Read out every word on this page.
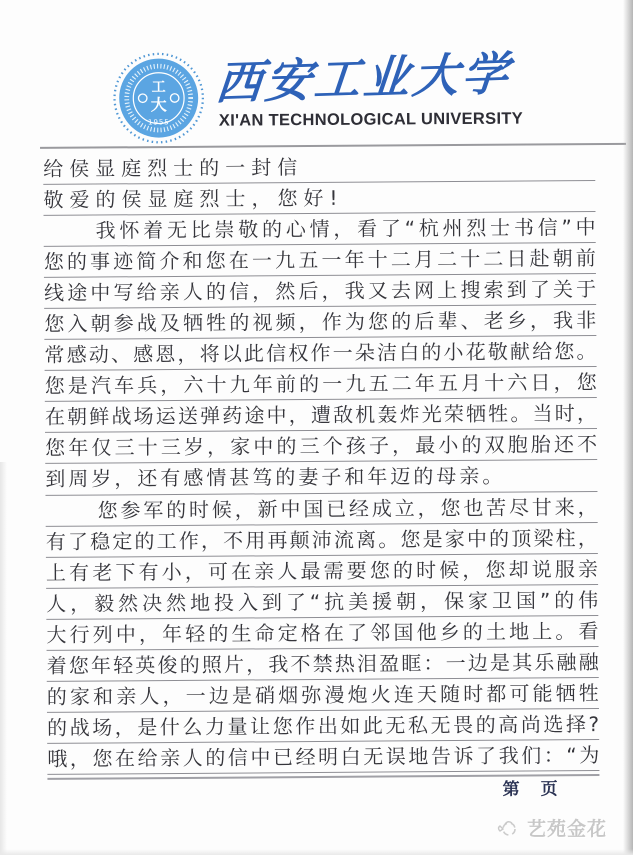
工
大
1955
西安工业大学
XI'AN TECHNOLOGICAL UNIVERSITY
给侯显庭烈士的一封信
敬爱的侯显庭烈士，您好!
我怀着无比崇敬的心情，看了“杭州烈士书信”中
您的事迹简介和您在一九五一年十二月二十二日赴朝前
线途中写给亲人的信，然后，我又去网上搜索到了关于
您入朝参战及牺牲的视频，作为您的后辈、老乡，我非
常感动、感恩，将以此信权作一朵洁白的小花敬献给您。
您是汽车兵，六十九年前的一九五二年五月十六日，您
在朝鲜战场运送弹药途中，遭敌机轰炸光荣牺牲。当时，
您年仅三十三岁，家中的三个孩子，最小的双胞胎还不
到周岁，还有感情甚笃的妻子和年迈的母亲。
您参军的时候，新中国已经成立，您也苦尽甘来，
有了稳定的工作，不用再颠沛流离。您是家中的顶梁柱，
上有老下有小，可在亲人最需要您的时候，您却说服亲
人，毅然决然地投入到了“抗美援朝，保家卫国”的伟
大行列中，年轻的生命定格在了邻国他乡的土地上。看
着您年轻英俊的照片，我不禁热泪盈眶：一边是其乐融融
的家和亲人，一边是硝烟弥漫炮火连天随时都可能牺牲
的战场，是什么力量让您作出如此无私无畏的高尚选择?
哦，您在给亲人的信中已经明白无误地告诉了我们：“为
第　页
艺苑金花
